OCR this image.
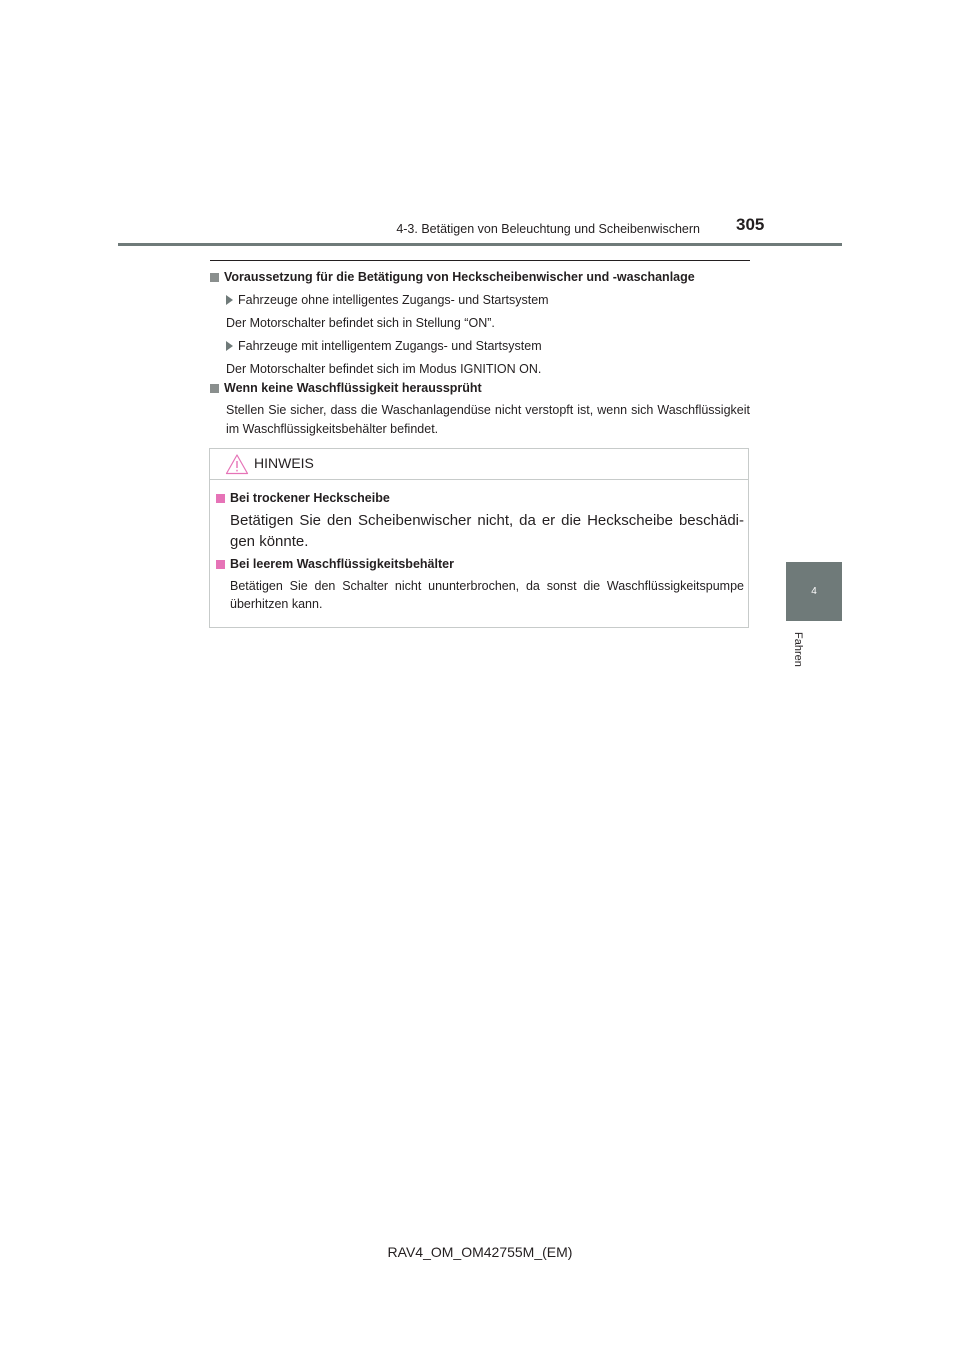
4-3. Betätigen von Beleuchtung und Scheibenwischern 305
4
Fahren
Voraussetzung für die Betätigung von Heckscheibenwischer und -waschanlage
Fahrzeuge ohne intelligentes Zugangs- und Startsystem
Der Motorschalter befindet sich in Stellung “ON”.
Fahrzeuge mit intelligentem Zugangs- und Startsystem
Der Motorschalter befindet sich im Modus IGNITION ON.
Wenn keine Waschflüssigkeit heraussprüht
Stellen Sie sicher, dass die Waschanlagendüse nicht verstopft ist, wenn sich Waschflüssigkeit im Waschflüssigkeitsbehälter befindet.
HINWEIS
Bei trockener Heckscheibe
Betätigen Sie den Scheibenwischer nicht, da er die Heckscheibe beschädigen könnte.
Bei leerem Waschflüssigkeitsbehälter
Betätigen Sie den Schalter nicht ununterbrochen, da sonst die Waschflüssigkeitspumpe überhitzen kann.
RAV4_OM_OM42755M_(EM)
